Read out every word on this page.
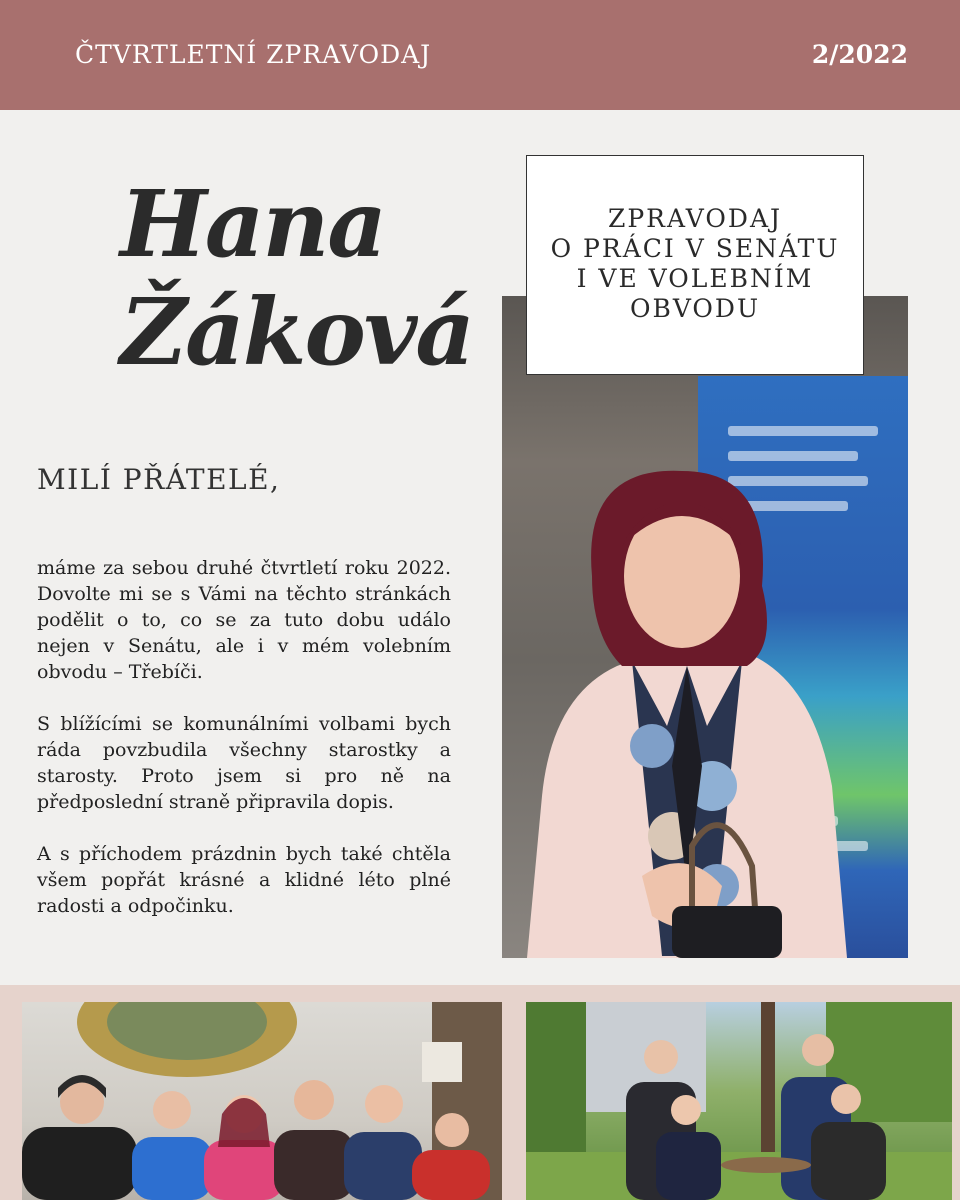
ČTVRTLETNÍ ZPRAVODAJ	2/2022
Hana
Žáková
ZPRAVODAJ
O PRÁCI V SENÁTU
I VE VOLEBNÍM
OBVODU
MILÍ PŘÁTELÉ,

máme za sebou druhé čtvrtletí roku 2022. Dovolte mi se s Vámi na těchto stránkách podělit o to, co se za tuto dobu událo nejen v Senátu, ale i v mém volebním obvodu – Třebíči.

S blížícími se komunálními volbami bych ráda povzbudila všechny starostky a starosty. Proto jsem si pro ně na předposlední straně připravila dopis.

A s příchodem prázdnin bych také chtěla všem popřát krásné a klidné léto plné radosti a odpočinku.
